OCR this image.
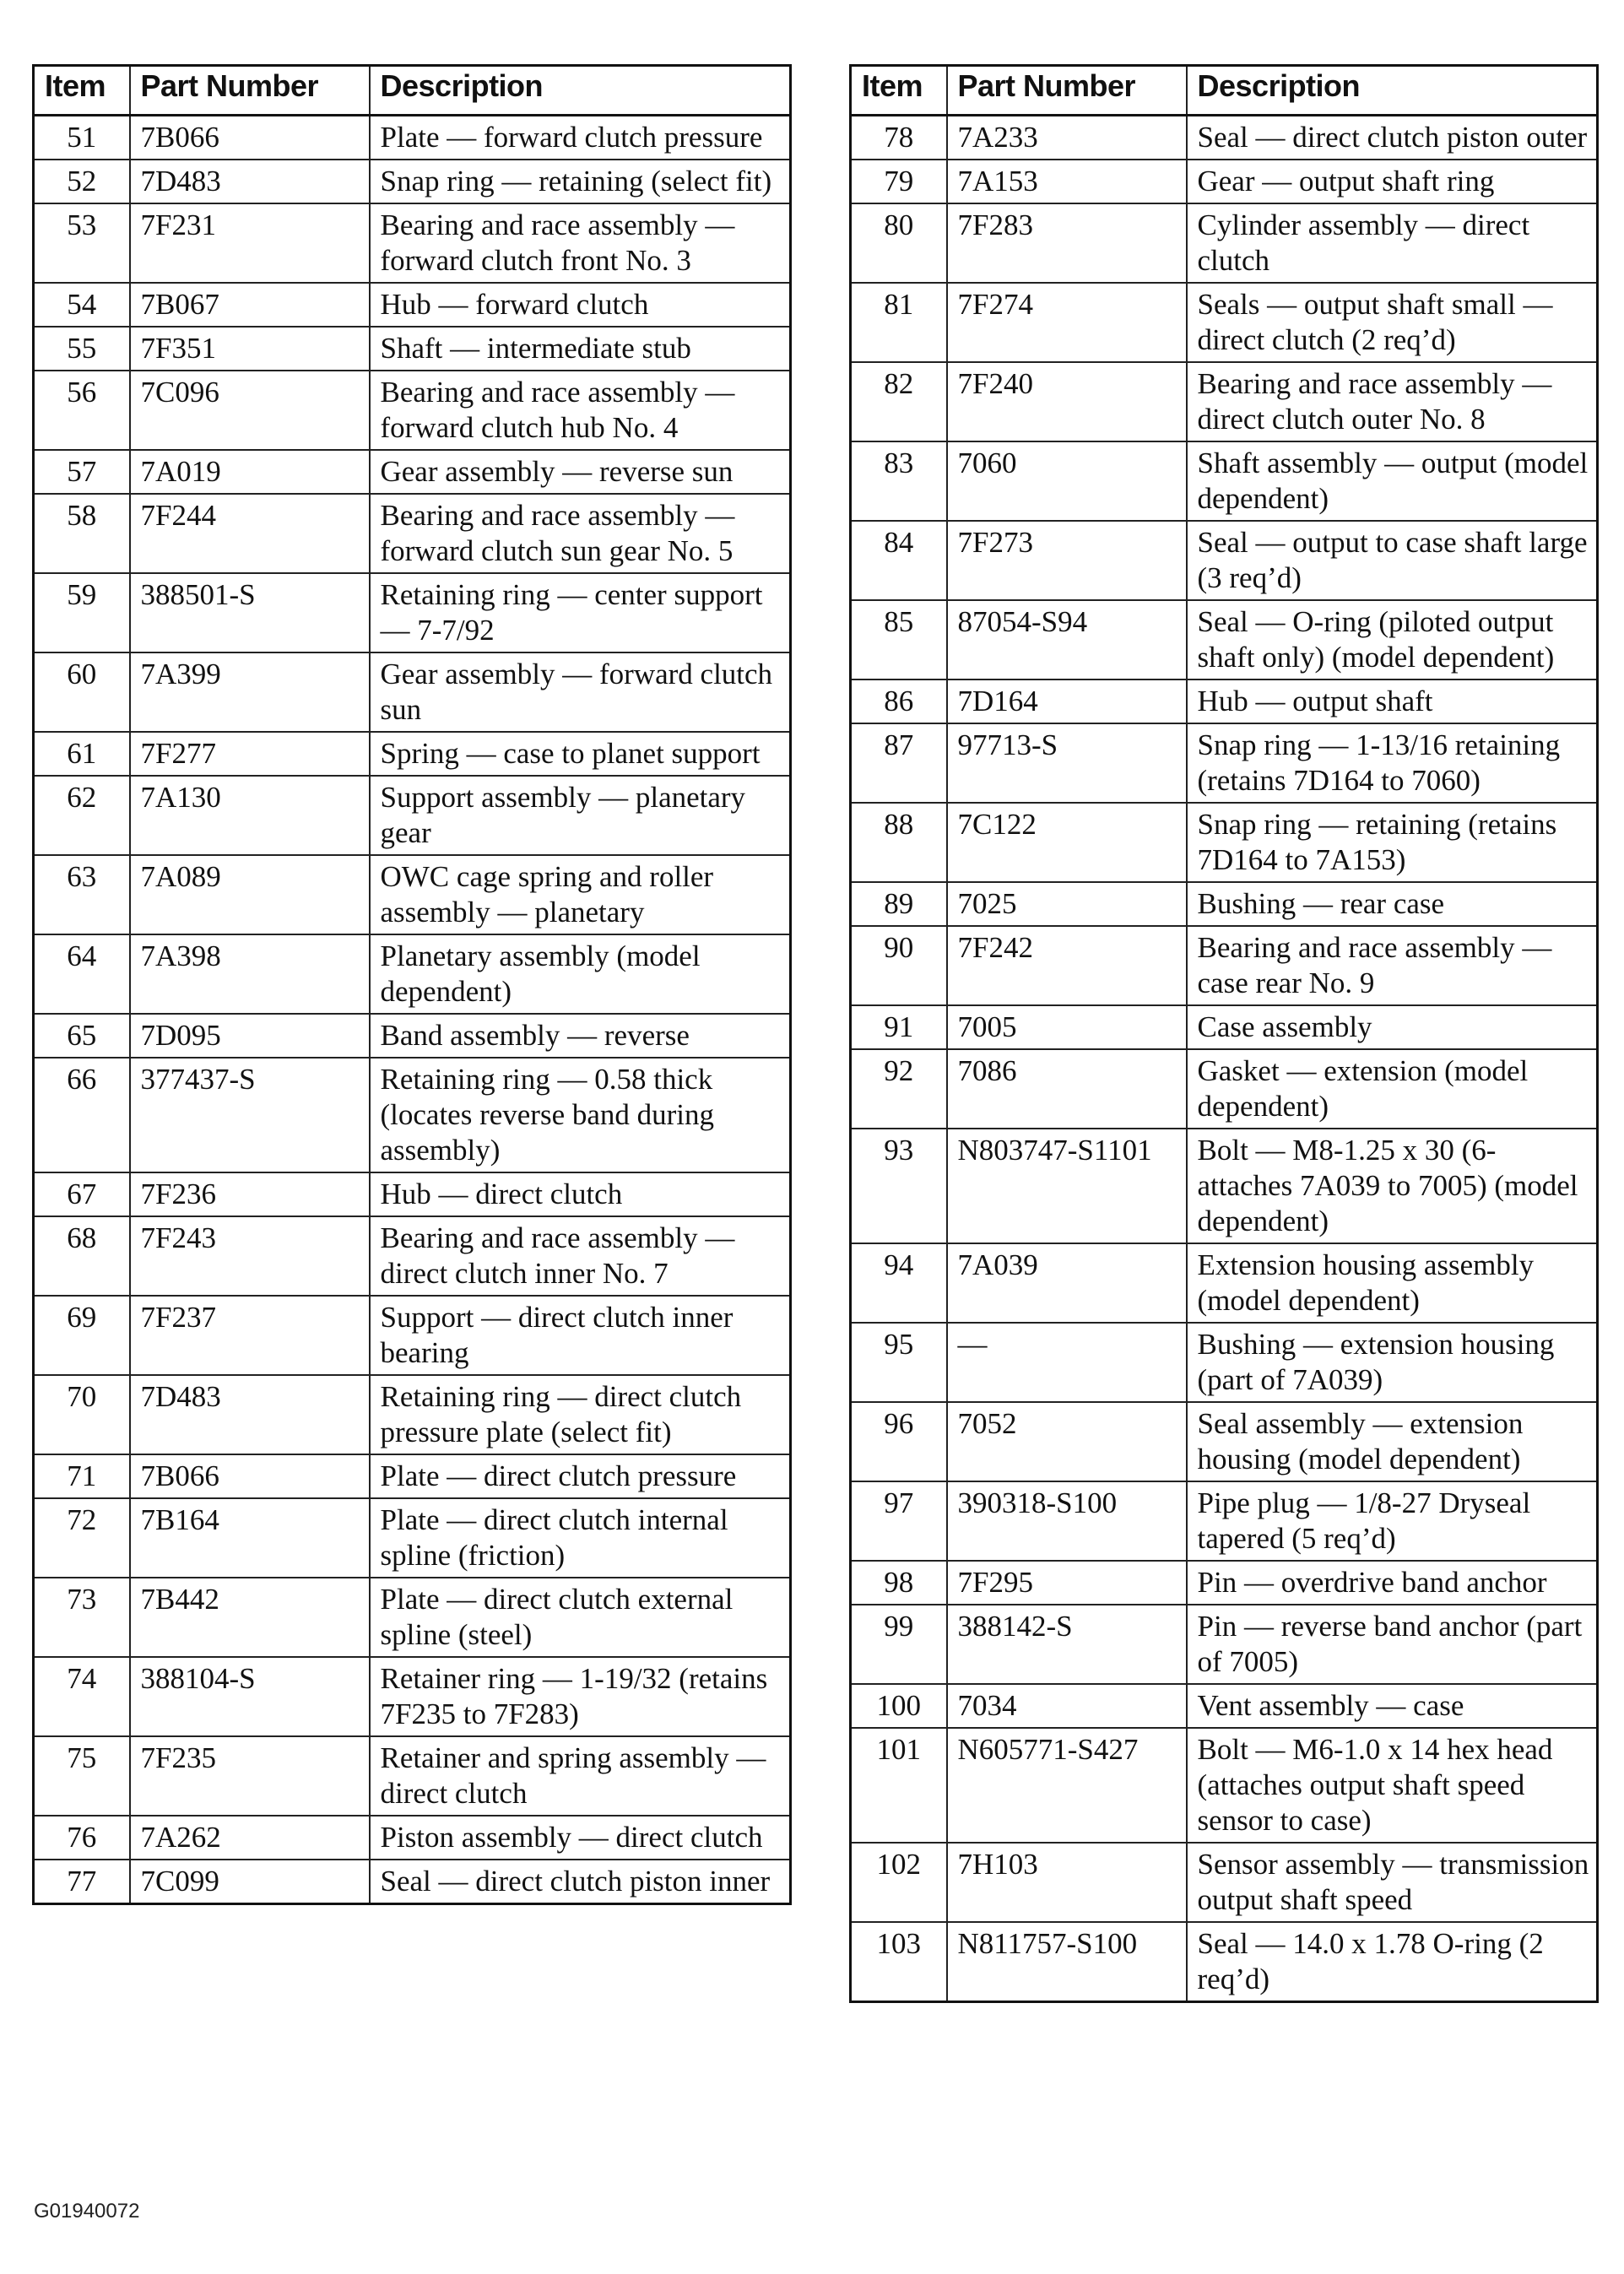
Item	Part Number	Description
51	7B066	Plate — forward clutch pressure
52	7D483	Snap ring — retaining (select fit)
53	7F231	Bearing and race assembly — forward clutch front No. 3
54	7B067	Hub — forward clutch
55	7F351	Shaft — intermediate stub
56	7C096	Bearing and race assembly — forward clutch hub No. 4
57	7A019	Gear assembly — reverse sun
58	7F244	Bearing and race assembly — forward clutch sun gear No. 5
59	388501-S	Retaining ring — center support — 7-7/92
60	7A399	Gear assembly — forward clutch sun
61	7F277	Spring — case to planet support
62	7A130	Support assembly — planetary gear
63	7A089	OWC cage spring and roller assembly — planetary
64	7A398	Planetary assembly (model dependent)
65	7D095	Band assembly — reverse
66	377437-S	Retaining ring — 0.58 thick (locates reverse band during assembly)
67	7F236	Hub — direct clutch
68	7F243	Bearing and race assembly — direct clutch inner No. 7
69	7F237	Support — direct clutch inner bearing
70	7D483	Retaining ring — direct clutch pressure plate (select fit)
71	7B066	Plate — direct clutch pressure
72	7B164	Plate — direct clutch internal spline (friction)
73	7B442	Plate — direct clutch external spline (steel)
74	388104-S	Retainer ring — 1-19/32 (retains 7F235 to 7F283)
75	7F235	Retainer and spring assembly — direct clutch
76	7A262	Piston assembly — direct clutch
77	7C099	Seal — direct clutch piston inner
Item	Part Number	Description
78	7A233	Seal — direct clutch piston outer
79	7A153	Gear — output shaft ring
80	7F283	Cylinder assembly — direct clutch
81	7F274	Seals — output shaft small — direct clutch (2 req’d)
82	7F240	Bearing and race assembly — direct clutch outer No. 8
83	7060	Shaft assembly — output (model dependent)
84	7F273	Seal — output to case shaft large (3 req’d)
85	87054-S94	Seal — O-ring (piloted output shaft only) (model dependent)
86	7D164	Hub — output shaft
87	97713-S	Snap ring — 1-13/16 retaining (retains 7D164 to 7060)
88	7C122	Snap ring — retaining (retains 7D164 to 7A153)
89	7025	Bushing — rear case
90	7F242	Bearing and race assembly — case rear No. 9
91	7005	Case assembly
92	7086	Gasket — extension (model dependent)
93	N803747-S1101	Bolt — M8-1.25 x 30 (6-attaches 7A039 to 7005) (model dependent)
94	7A039	Extension housing assembly (model dependent)
95	—	Bushing — extension housing (part of 7A039)
96	7052	Seal assembly — extension housing (model dependent)
97	390318-S100	Pipe plug — 1/8-27 Dryseal tapered (5 req’d)
98	7F295	Pin — overdrive band anchor
99	388142-S	Pin — reverse band anchor (part of 7005)
100	7034	Vent assembly — case
101	N605771-S427	Bolt — M6-1.0 x 14 hex head (attaches output shaft speed sensor to case)
102	7H103	Sensor assembly — transmission output shaft speed
103	N811757-S100	Seal — 14.0 x 1.78 O-ring (2 req’d)
G01940072
